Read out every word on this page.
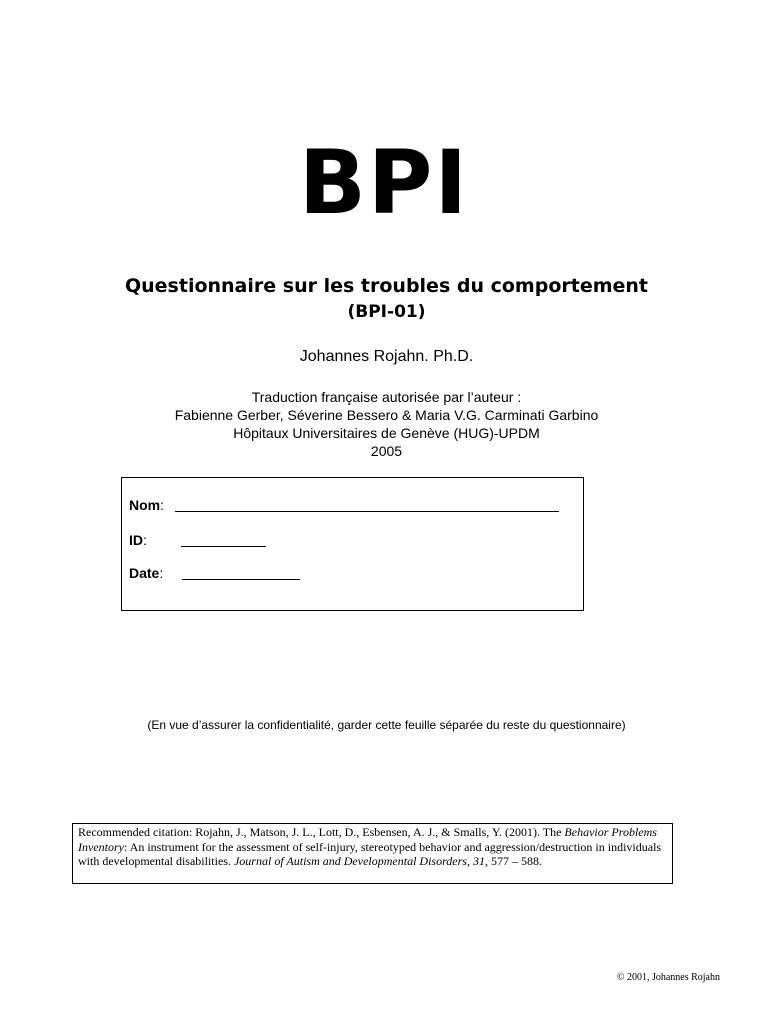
BPI
Questionnaire sur les troubles du comportement
(BPI-01)
Johannes Rojahn. Ph.D.
Traduction française autorisée par l’auteur :
Fabienne Gerber, Séverine Bessero & Maria V.G. Carminati Garbino
Hôpitaux Universitaires de Genève (HUG)-UPDM
2005
Nom:
ID:
Date:
(En vue d’assurer la confidentialité, garder cette feuille séparée du reste du questionnaire)
Recommended citation: Rojahn, J., Matson, J. L., Lott, D., Esbensen, A. J., & Smalls, Y. (2001). The Behavior Problems Inventory: An instrument for the assessment of self-injury, stereotyped behavior and aggression/destruction in individuals with developmental disabilities. Journal of Autism and Developmental Disorders, 31, 577 – 588.
© 2001, Johannes Rojahn
